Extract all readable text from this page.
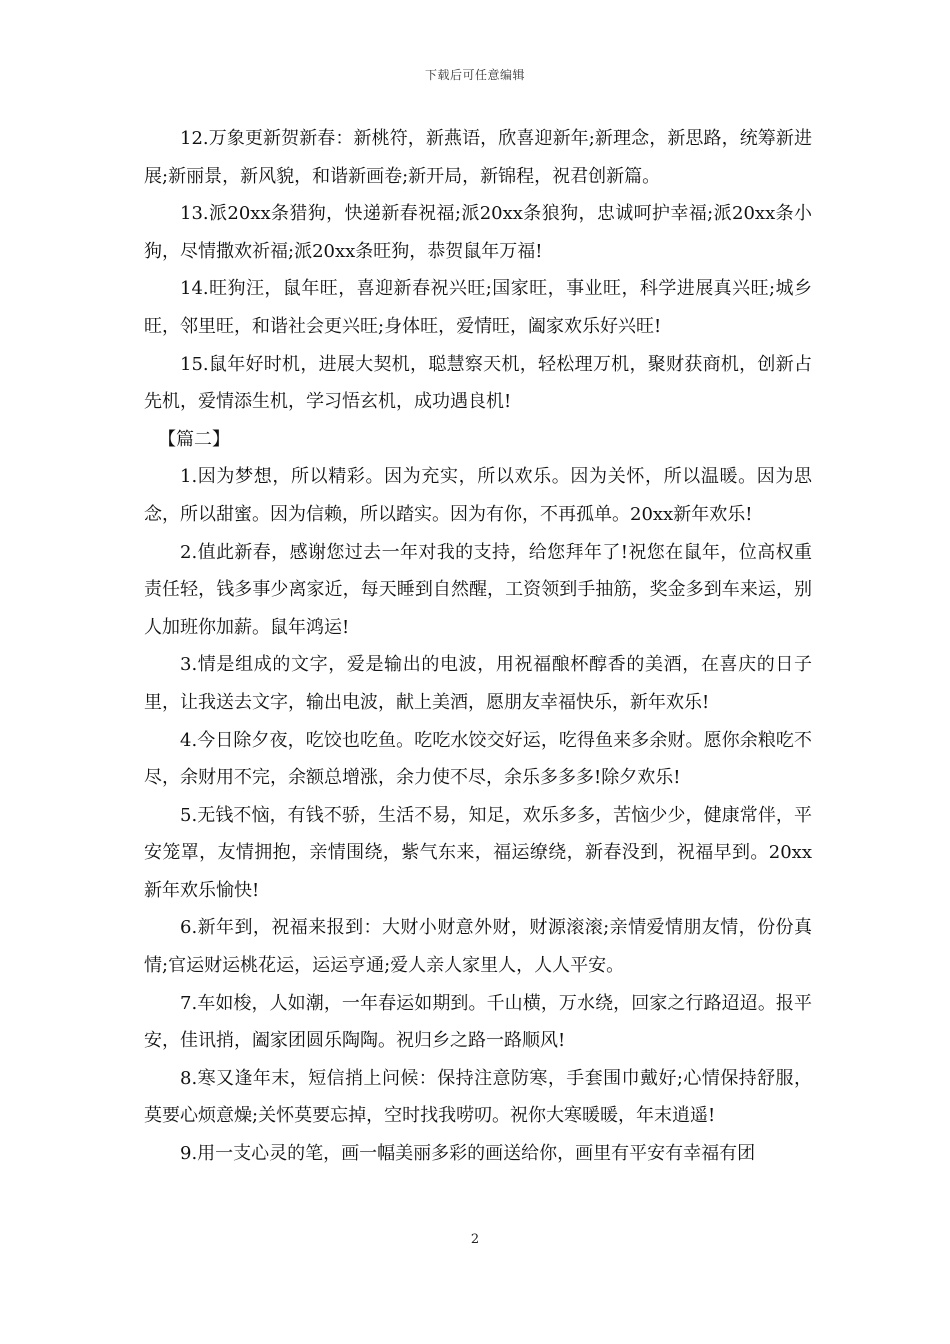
下载后可任意编辑

12.万象更新贺新春：新桃符，新燕语，欣喜迎新年;新理念，新思路，统筹新进展;新丽景，新风貌，和谐新画卷;新开局，新锦程，祝君创新篇。

13.派20xx条猎狗，快递新春祝福;派20xx条狼狗，忠诚呵护幸福;派20xx条小狗，尽情撒欢祈福;派20xx条旺狗，恭贺鼠年万福!

14.旺狗汪，鼠年旺，喜迎新春祝兴旺;国家旺，事业旺，科学进展真兴旺;城乡旺，邻里旺，和谐社会更兴旺;身体旺，爱情旺，阖家欢乐好兴旺!

15.鼠年好时机，进展大契机，聪慧察天机，轻松理万机，聚财获商机，创新占先机，爱情添生机，学习悟玄机，成功遇良机!

【篇二】

1.因为梦想，所以精彩。因为充实，所以欢乐。因为关怀，所以温暖。因为思念，所以甜蜜。因为信赖，所以踏实。因为有你，不再孤单。20xx新年欢乐!

2.值此新春，感谢您过去一年对我的支持，给您拜年了!祝您在鼠年，位高权重责任轻，钱多事少离家近，每天睡到自然醒，工资领到手抽筋，奖金多到车来运，别人加班你加薪。鼠年鸿运!

3.情是组成的文字，爱是输出的电波，用祝福酿杯醇香的美酒，在喜庆的日子里，让我送去文字，输出电波，献上美酒，愿朋友幸福快乐，新年欢乐!

4.今日除夕夜，吃饺也吃鱼。吃吃水饺交好运，吃得鱼来多余财。愿你余粮吃不尽，余财用不完，余额总增涨，余力使不尽，余乐多多多!除夕欢乐!

5.无钱不恼，有钱不骄，生活不易，知足，欢乐多多，苦恼少少，健康常伴，平安笼罩，友情拥抱，亲情围绕，紫气东来，福运缭绕，新春没到，祝福早到。20xx新年欢乐愉快!

6.新年到，祝福来报到：大财小财意外财，财源滚滚;亲情爱情朋友情，份份真情;官运财运桃花运，运运亨通;爱人亲人家里人，人人平安。

7.车如梭，人如潮，一年春运如期到。千山横，万水绕，回家之行路迢迢。报平安，佳讯捎，阖家团圆乐陶陶。祝归乡之路一路顺风!

8.寒又逢年末，短信捎上问候：保持注意防寒，手套围巾戴好;心情保持舒服，莫要心烦意燥;关怀莫要忘掉，空时找我唠叨。祝你大寒暖暖，年末逍遥!

9.用一支心灵的笔，画一幅美丽多彩的画送给你，画里有平安有幸福有团

2
